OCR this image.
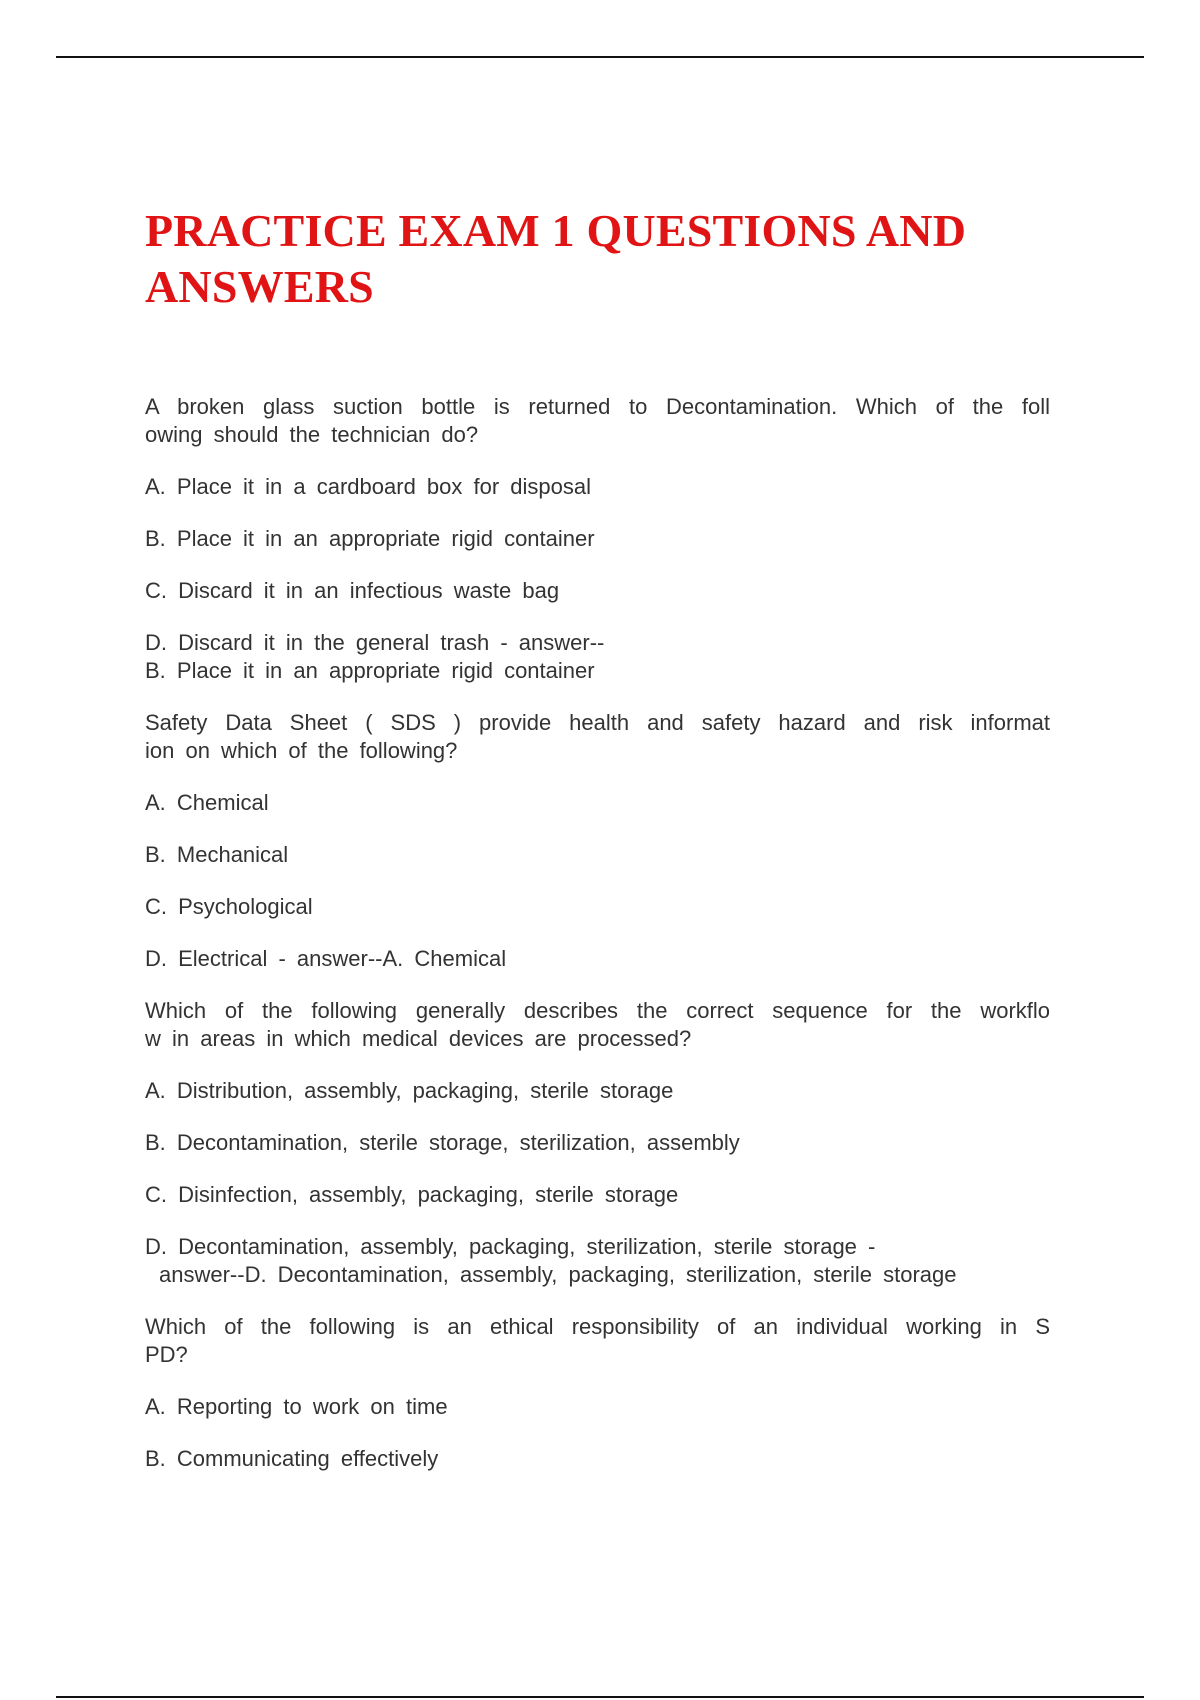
PRACTICE EXAM 1 QUESTIONS AND
ANSWERS
A broken glass suction bottle is returned to Decontamination. Which of the foll
owing should the technician do?
A. Place it in a cardboard box for disposal
B. Place it in an appropriate rigid container
C. Discard it in an infectious waste bag
D. Discard it in the general trash - answer--
B. Place it in an appropriate rigid container
Safety Data Sheet ( SDS ) provide health and safety hazard and risk informat
ion on which of the following?
A. Chemical
B. Mechanical
C. Psychological
D. Electrical - answer--A. Chemical
Which of the following generally describes the correct sequence for the workflo
w in areas in which medical devices are processed?
A. Distribution, assembly, packaging, sterile storage
B. Decontamination, sterile storage, sterilization, assembly
C. Disinfection, assembly, packaging, sterile storage
D. Decontamination, assembly, packaging, sterilization, sterile storage -
answer--D. Decontamination, assembly, packaging, sterilization, sterile storage
Which of the following is an ethical responsibility of an individual working in S
PD?
A. Reporting to work on time
B. Communicating effectively
